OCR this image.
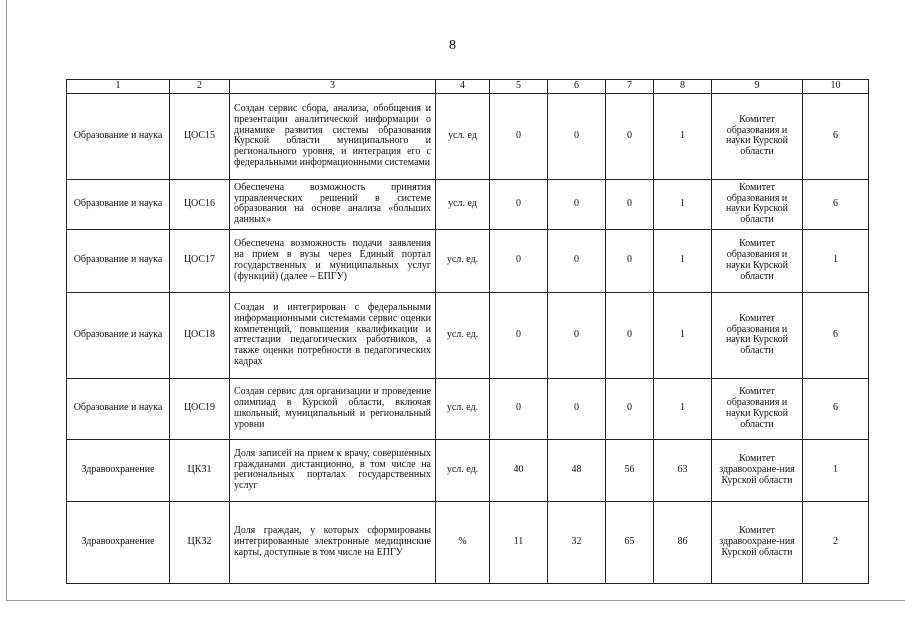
8
1	2	3	4	5	6	7	8	9	10
Образование и наука	ЦОС15	Создан сервис сбора, анализа, обобщения и презентации аналитической информации о динамике развития системы образования Курской области муниципального и регионального уровня, и интеграция его с федеральными информационными системами	усл. ед	0	0	0	1	Комитет образования и науки Курской области	6
Образование и наука	ЦОС16	Обеспечена возможность принятия управленческих решений в системе образования на основе анализа «больших данных»	усл. ед	0	0	0	1	Комитет образования и науки Курской области	6
Образование и наука	ЦОС17	Обеспечена возможность подачи заявления на прием в вузы через Единый портал государственных и муниципальных услуг (функций) (далее – ЕПГУ)	усл. ед.	0	0	0	1	Комитет образования и науки Курской области	1
Образование и наука	ЦОС18	Создан и интегрирован с федеральными информационными системами сервис оценки компетенций, повышения квалификации и аттестации педагогических работников, а также оценки потребности в педагогических кадрах	усл. ед.	0	0	0	1	Комитет образования и науки Курской области	6
Образование и наука	ЦОС19	Создан сервис для организации и проведение олимпиад в Курской области, включая школьный, муниципальный и региональный уровни	усл. ед.	0	0	0	1	Комитет образования и науки Курской области	6
Здравоохранение	ЦКЗ1	Доля записей на прием к врачу, совершенных гражданами дистанционно, в том числе на региональных порталах государственных услуг	усл. ед.	40	48	56	63	Комитет здравоохране-ния Курской области	1
Здравоохранение	ЦКЗ2	Доля граждан, у которых сформированы интегрированные электронные медицинские карты, доступные в том числе на ЕПГУ	%	11	32	65	86	Комитет здравоохране-ния Курской области	2
